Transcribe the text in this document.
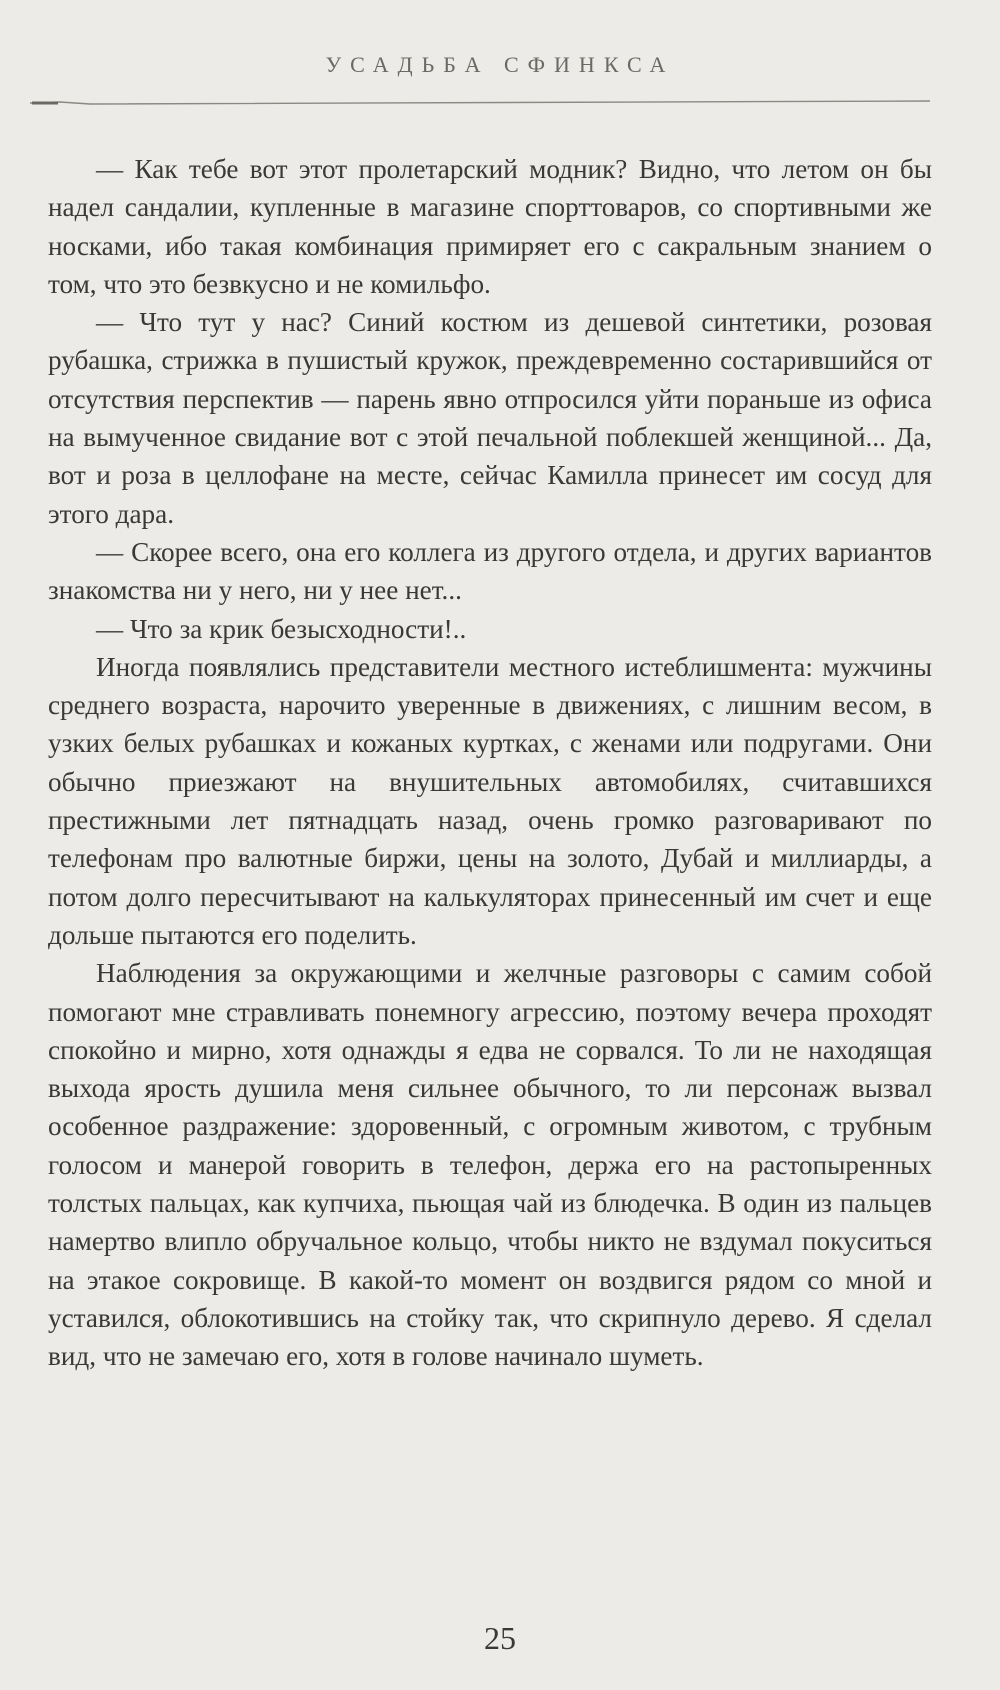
УСАДЬБА СФИНКСА

— Как тебе вот этот пролетарский модник? Видно, что летом он бы надел сандалии, купленные в магазине спорттоваров, со спортивными же носками, ибо такая комбинация примиряет его с сакральным знанием о том, что это безвкусно и не комильфо.

— Что тут у нас? Синий костюм из дешевой синтетики, розовая рубашка, стрижка в пушистый кружок, преждевременно состарившийся от отсутствия перспектив — парень явно отпросился уйти пораньше из офиса на вымученное свидание вот с этой печальной поблекшей женщиной... Да, вот и роза в целлофане на месте, сейчас Камилла принесет им сосуд для этого дара.

— Скорее всего, она его коллега из другого отдела, и других вариантов знакомства ни у него, ни у нее нет...

— Что за крик безысходности!..

Иногда появлялись представители местного истеблишмента: мужчины среднего возраста, нарочито уверенные в движениях, с лишним весом, в узких белых рубашках и кожаных куртках, с женами или подругами. Они обычно приезжают на внушительных автомобилях, считавшихся престижными лет пятнадцать назад, очень громко разговаривают по телефонам про валютные биржи, цены на золото, Дубай и миллиарды, а потом долго пересчитывают на калькуляторах принесенный им счет и еще дольше пытаются его поделить.

Наблюдения за окружающими и желчные разговоры с самим собой помогают мне стравливать понемногу агрессию, поэтому вечера проходят спокойно и мирно, хотя однажды я едва не сорвался. То ли не находящая выхода ярость душила меня сильнее обычного, то ли персонаж вызвал особенное раздражение: здоровенный, с огромным животом, с трубным голосом и манерой говорить в телефон, держа его на растопыренных толстых пальцах, как купчиха, пьющая чай из блюдечка. В один из пальцев намертво влипло обручальное кольцо, чтобы никто не вздумал покуситься на этакое сокровище. В какой-то момент он воздвигся рядом со мной и уставился, облокотившись на стойку так, что скрипнуло дерево. Я сделал вид, что не замечаю его, хотя в голове начинало шуметь.

25
